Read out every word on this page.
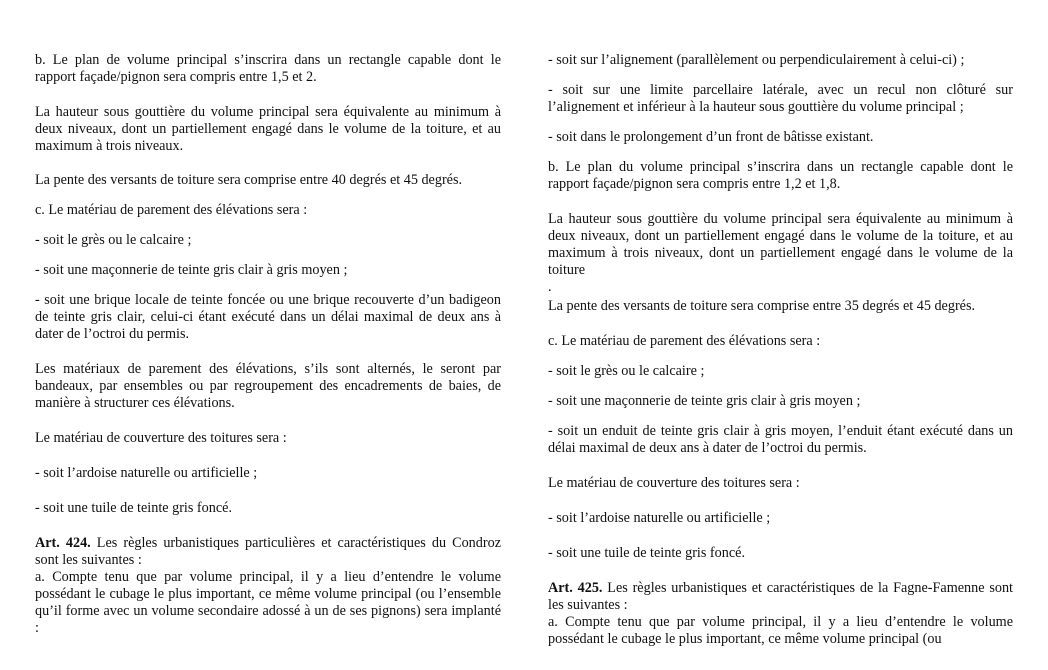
b. Le plan de volume principal s’inscrira dans un rectangle capable dont le rapport façade/pignon sera compris entre 1,5 et 2.

La hauteur sous gouttière du volume principal sera équivalente au minimum à deux niveaux, dont un partiellement engagé dans le volume de la toiture, et au maximum à trois niveaux.

La pente des versants de toiture sera comprise entre 40 degrés et 45 degrés.

c. Le matériau de parement des élévations sera :

- soit le grès ou le calcaire ;

- soit une maçonnerie de teinte gris clair à gris moyen ;

- soit une brique locale de teinte foncée ou une brique recouverte d’un badigeon de teinte gris clair, celui-ci étant exécuté dans un délai maximal de deux ans à dater de l’octroi du permis.

Les matériaux de parement des élévations, s’ils sont alternés, le seront par bandeaux, par ensembles ou par regroupement des encadrements de baies, de manière à structurer ces élévations.

Le matériau de couverture des toitures sera :

- soit l’ardoise naturelle ou artificielle ;

- soit une tuile de teinte gris foncé.

Art. 424. Les règles urbanistiques particulières et caractéristiques du Condroz sont les suivantes :

a. Compte tenu que par volume principal, il y a lieu d’entendre le volume possédant le cubage le plus important, ce même volume principal (ou l’ensemble qu’il forme avec un volume secondaire adossé à un de ses pignons) sera implanté :

- soit sur l’alignement (parallèlement ou perpendiculairement à celui-ci) ;

- soit sur une limite parcellaire latérale, avec un recul non clôturé sur l’alignement et inférieur à la hauteur sous gouttière du volume principal ;

- soit dans le prolongement d’un front de bâtisse existant.

b. Le plan du volume principal s’inscrira dans un rectangle capable dont le rapport façade/pignon sera compris entre 1,2 et 1,8.

La hauteur sous gouttière du volume principal sera équivalente au minimum à deux niveaux, dont un partiellement engagé dans le volume de la toiture, et au maximum à trois niveaux, dont un partiellement engagé dans le volume de la toiture

.

La pente des versants de toiture sera comprise entre 35 degrés et 45 degrés.

c. Le matériau de parement des élévations sera :

- soit le grès ou le calcaire ;

- soit une maçonnerie de teinte gris clair à gris moyen ;

- soit un enduit de teinte gris clair à gris moyen, l’enduit étant exécuté dans un délai maximal de deux ans à dater de l’octroi du permis.

Le matériau de couverture des toitures sera :

- soit l’ardoise naturelle ou artificielle ;

- soit une tuile de teinte gris foncé.

Art. 425. Les règles urbanistiques et caractéristiques de la Fagne-Famenne sont les suivantes :

a. Compte tenu que par volume principal, il y a lieu d’entendre le volume possédant le cubage le plus important, ce même volume principal (ou
